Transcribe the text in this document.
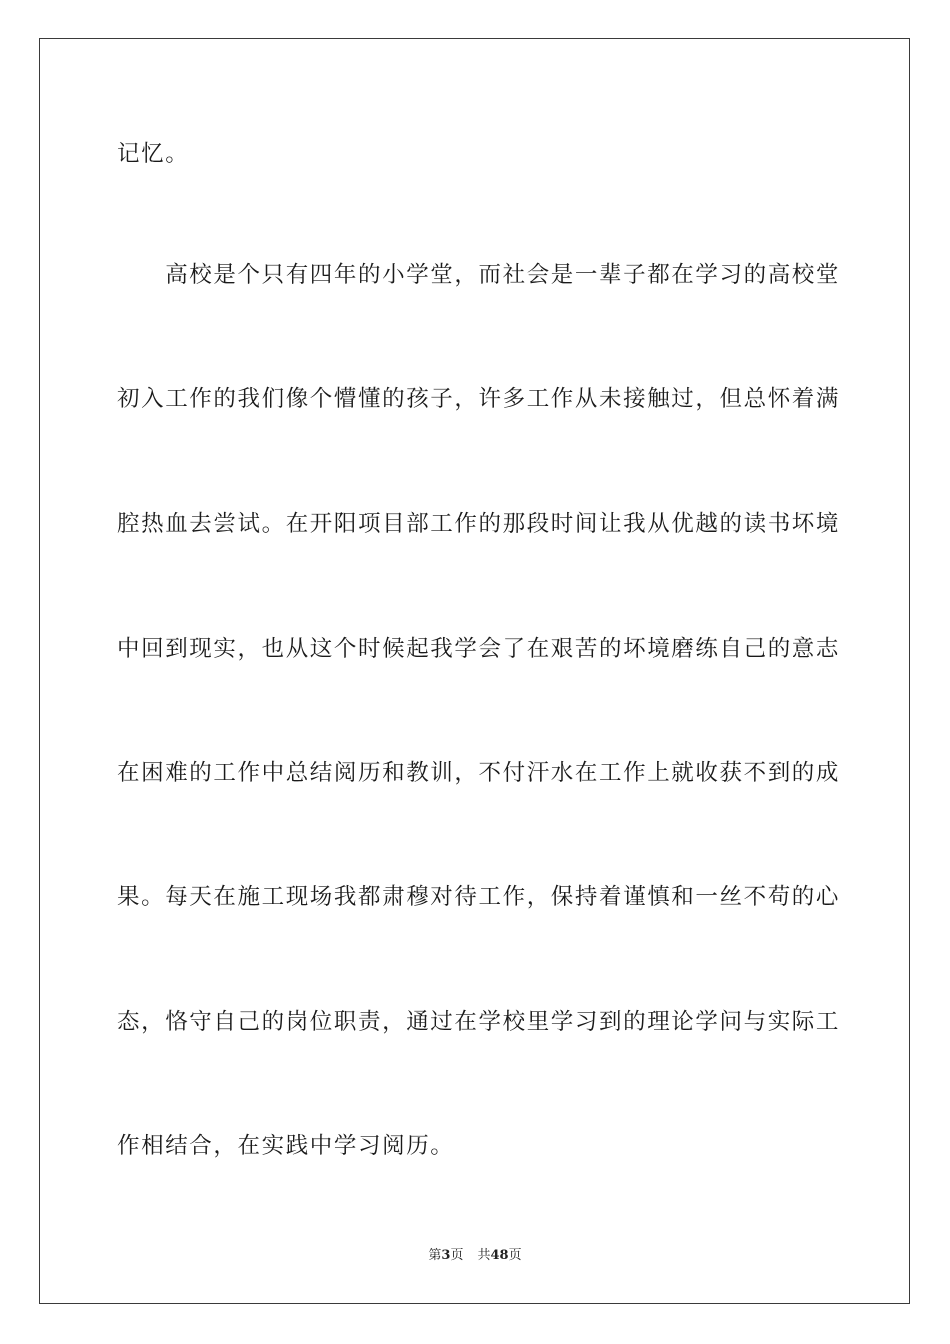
记忆。
　　高校是个只有四年的小学堂，而社会是一辈子都在学习的高校堂
初入工作的我们像个懵懂的孩子，许多工作从未接触过，但总怀着满
腔热血去尝试。在开阳项目部工作的那段时间让我从优越的读书坏境
中回到现实，也从这个时候起我学会了在艰苦的坏境磨练自己的意志
在困难的工作中总结阅历和教训，不付汗水在工作上就收获不到的成
果。每天在施工现场我都肃穆对待工作，保持着谨慎和一丝不苟的心
态，恪守自己的岗位职责，通过在学校里学习到的理论学问与实际工
作相结合，在实践中学习阅历。
第3页 共48页
